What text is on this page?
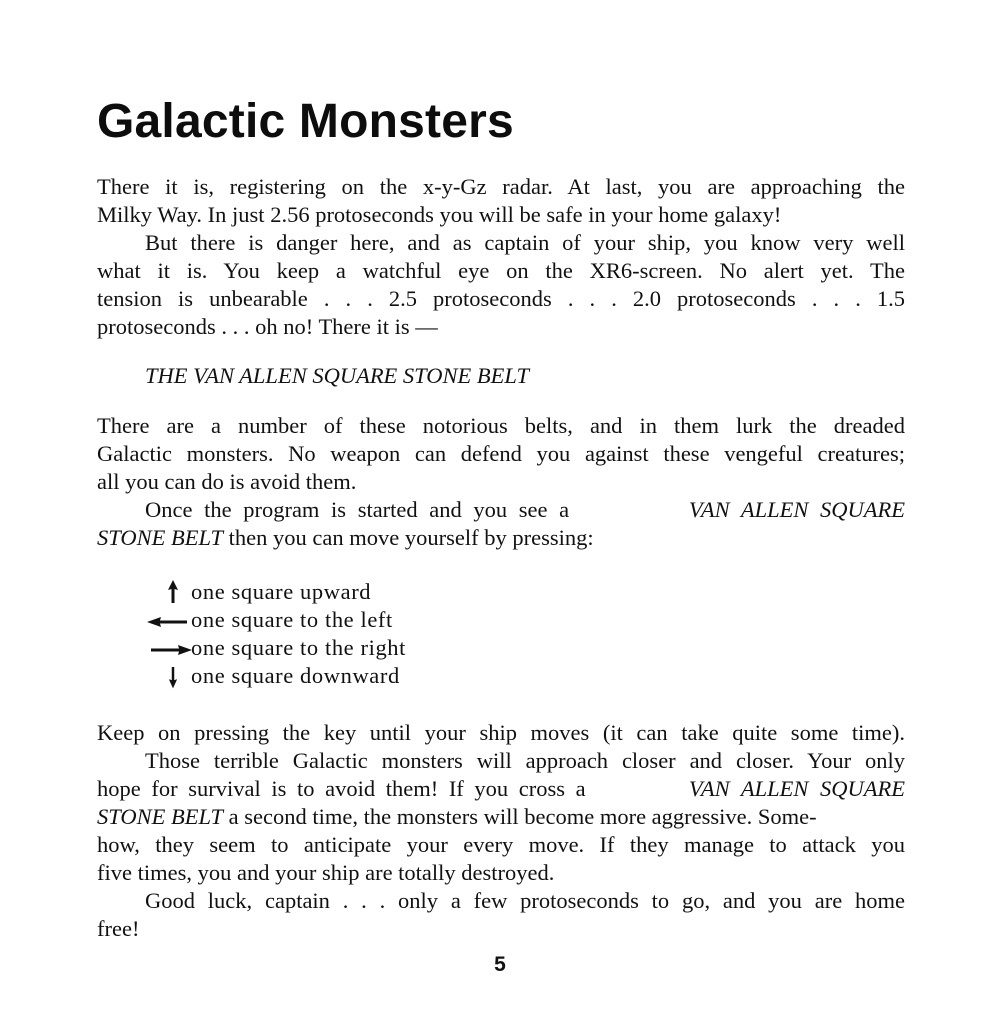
Galactic Monsters
There it is, registering on the x-y-Gz radar. At last, you are approaching the
Milky Way. In just 2.56 protoseconds you will be safe in your home galaxy!
But there is danger here, and as captain of your ship, you know very well
what it is. You keep a watchful eye on the XR6-screen. No alert yet. The
tension is unbearable . . . 2.5 protoseconds . . . 2.0 protoseconds . . . 1.5
protoseconds . . . oh no! There it is —
THE VAN ALLEN SQUARE STONE BELT
There are a number of these notorious belts, and in them lurk the dreaded
Galactic monsters. No weapon can defend you against these vengeful creatures;
all you can do is avoid them.
Once the program is started and you see a	VAN ALLEN SQUARE
STONE BELT then you can move yourself by pressing:
one square upward
one square to the left
one square to the right
one square downward
Keep on pressing the key until your ship moves (it can take quite some time).
Those terrible Galactic monsters will approach closer and closer. Your only
hope for survival is to avoid them! If you cross a	VAN ALLEN SQUARE
STONE BELT a second time, the monsters will become more aggressive. Some-
how, they seem to anticipate your every move. If they manage to attack you
five times, you and your ship are totally destroyed.
Good luck, captain . . . only a few protoseconds to go, and you are home
free!
5
